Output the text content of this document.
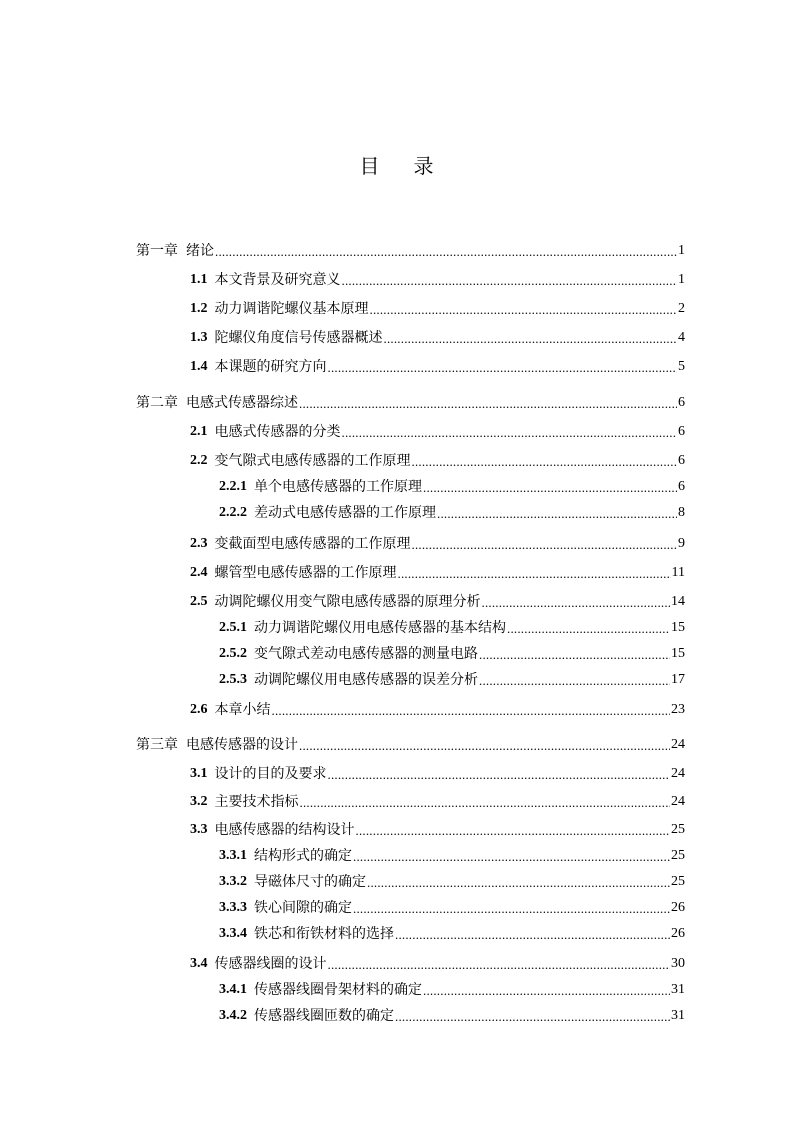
目 录
第一章 绪论 .....	1
1.1 本文背景及研究意义 .....	1
1.2 动力调谐陀螺仪基本原理 .....	2
1.3 陀螺仪角度信号传感器概述 .....	4
1.4 本课题的研究方向 .....	5
第二章 电感式传感器综述 .....	6
2.1 电感式传感器的分类 .....	6
2.2 变气隙式电感传感器的工作原理 .....	6
2.2.1 单个电感传感器的工作原理 .....	6
2.2.2 差动式电感传感器的工作原理 .....	8
2.3 变截面型电感传感器的工作原理 .....	9
2.4 螺管型电感传感器的工作原理 .....	11
2.5 动调陀螺仪用变气隙电感传感器的原理分析 .....	14
2.5.1 动力调谐陀螺仪用电感传感器的基本结构 .....	15
2.5.2 变气隙式差动电感传感器的测量电路 .....	15
2.5.3 动调陀螺仪用电感传感器的误差分析 .....	17
2.6 本章小结 .....	23
第三章 电感传感器的设计 .....	24
3.1 设计的目的及要求 .....	24
3.2 主要技术指标 .....	24
3.3 电感传感器的结构设计 .....	25
3.3.1 结构形式的确定 .....	25
3.3.2 导磁体尺寸的确定 .....	25
3.3.3 铁心间隙的确定 .....	26
3.3.4 铁芯和衔铁材料的选择 .....	26
3.4 传感器线圈的设计 .....	30
3.4.1 传感器线圈骨架材料的确定 .....	31
3.4.2 传感器线圈匝数的确定 .....	31
